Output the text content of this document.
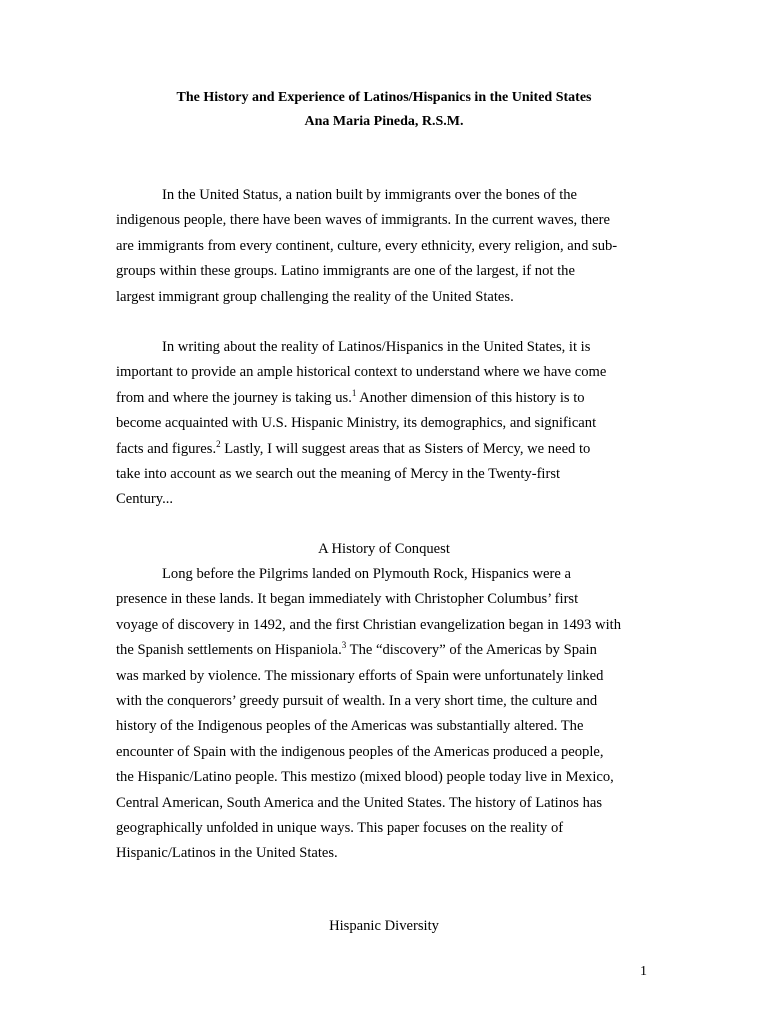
The History and Experience of Latinos/Hispanics in the United States
Ana Maria Pineda, R.S.M.
In the United Status, a nation built by immigrants over the bones of the
indigenous people, there have been waves of immigrants. In the current waves, there
are immigrants from every continent, culture, every ethnicity, every religion, and sub-
groups within these groups. Latino immigrants are one of the largest, if not the
largest immigrant group challenging the reality of the United States.
In writing about the reality of Latinos/Hispanics in the United States, it is
important to provide an ample historical context to understand where we have come
from and where the journey is taking us.$^1$ Another dimension of this history is to
become acquainted with U.S. Hispanic Ministry, its demographics, and significant
facts and figures.$^2$ Lastly, I will suggest areas that as Sisters of Mercy, we need to
take into account as we search out the meaning of Mercy in the Twenty-first
Century...
A History of Conquest
Long before the Pilgrims landed on Plymouth Rock, Hispanics were a
presence in these lands. It began immediately with Christopher Columbus’ first
voyage of discovery in 1492, and the first Christian evangelization began in 1493 with
the Spanish settlements on Hispaniola.$^3$ The “discovery” of the Americas by Spain
was marked by violence. The missionary efforts of Spain were unfortunately linked
with the conquerors’ greedy pursuit of wealth. In a very short time, the culture and
history of the Indigenous peoples of the Americas was substantially altered. The
encounter of Spain with the indigenous peoples of the Americas produced a people,
the Hispanic/Latino people. This mestizo (mixed blood) people today live in Mexico,
Central American, South America and the United States. The history of Latinos has
geographically unfolded in unique ways. This paper focuses on the reality of
Hispanic/Latinos in the United States.
Hispanic Diversity
1
